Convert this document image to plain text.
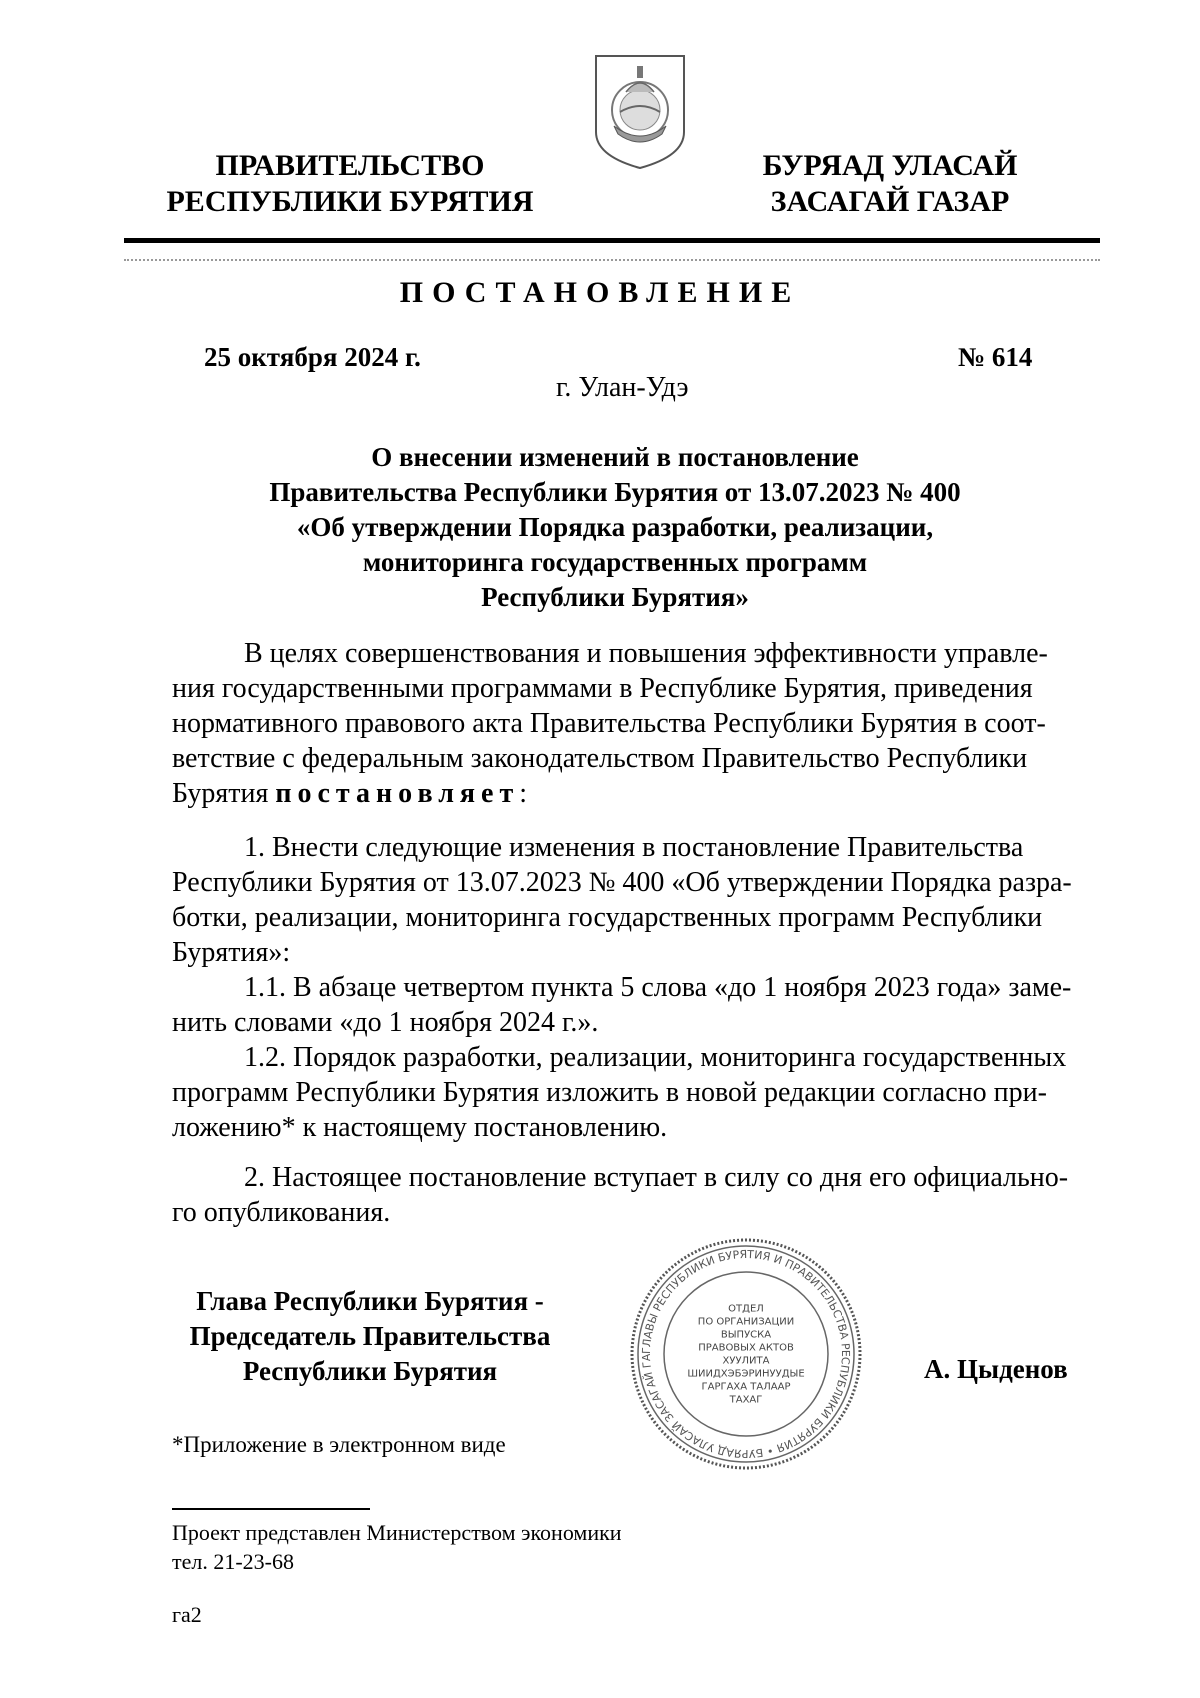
ПРАВИТЕЛЬСТВО
РЕСПУБЛИКИ БУРЯТИЯ
БУРЯАД УЛАСАЙ
ЗАСАГАЙ ГАЗАР
ПОСТАНОВЛЕНИЕ
25 октября 2024 г.	№ 614
г. Улан-Удэ
О внесении изменений в постановление
Правительства Республики Бурятия от 13.07.2023 № 400
«Об утверждении Порядка разработки, реализации,
мониторинга государственных программ
Республики Бурятия»
В целях совершенствования и повышения эффективности управле-
ния государственными программами в Республике Бурятия, приведения
нормативного правового акта Правительства Республики Бурятия в соот-
ветствие с федеральным законодательством Правительство Республики
Бурятия постановляет:
1. Внести следующие изменения в постановление Правительства
Республики Бурятия от 13.07.2023 № 400 «Об утверждении Порядка разра-
ботки, реализации, мониторинга государственных программ Республики
Бурятия»:
1.1. В абзаце четвертом пункта 5 слова «до 1 ноября 2023 года» заме-
нить словами «до 1 ноября 2024 г.».
1.2. Порядок разработки, реализации, мониторинга государственных
программ Республики Бурятия изложить в новой редакции согласно при-
ложению* к настоящему постановлению.
2. Настоящее постановление вступает в силу со дня его официально-
го опубликования.
Глава Республики Бурятия -
Председатель Правительства
Республики Бурятия	А. Цыденов
ГЛАВЫ РЕСПУБЛИКИ БУРЯТИЯ И ПРАВИТЕЛЬСТВА РЕСПУБЛИКИ БУРЯТИЯ • БУРЯАД УЛАСАЙ ЗАСАГАЙ ГА
ОТДЕЛ
ПО ОРГАНИЗАЦИИ
ВЫПУСКА
ПРАВОВЫХ АКТОВ
ХУУЛИТА
ШИИДХЭБЭРИНУУДЫЕ
ГАРГАХА ТАЛААР
ТАХАГ
*Приложение в электронном виде
Проект представлен Министерством экономики
тел. 21-23-68
га2
